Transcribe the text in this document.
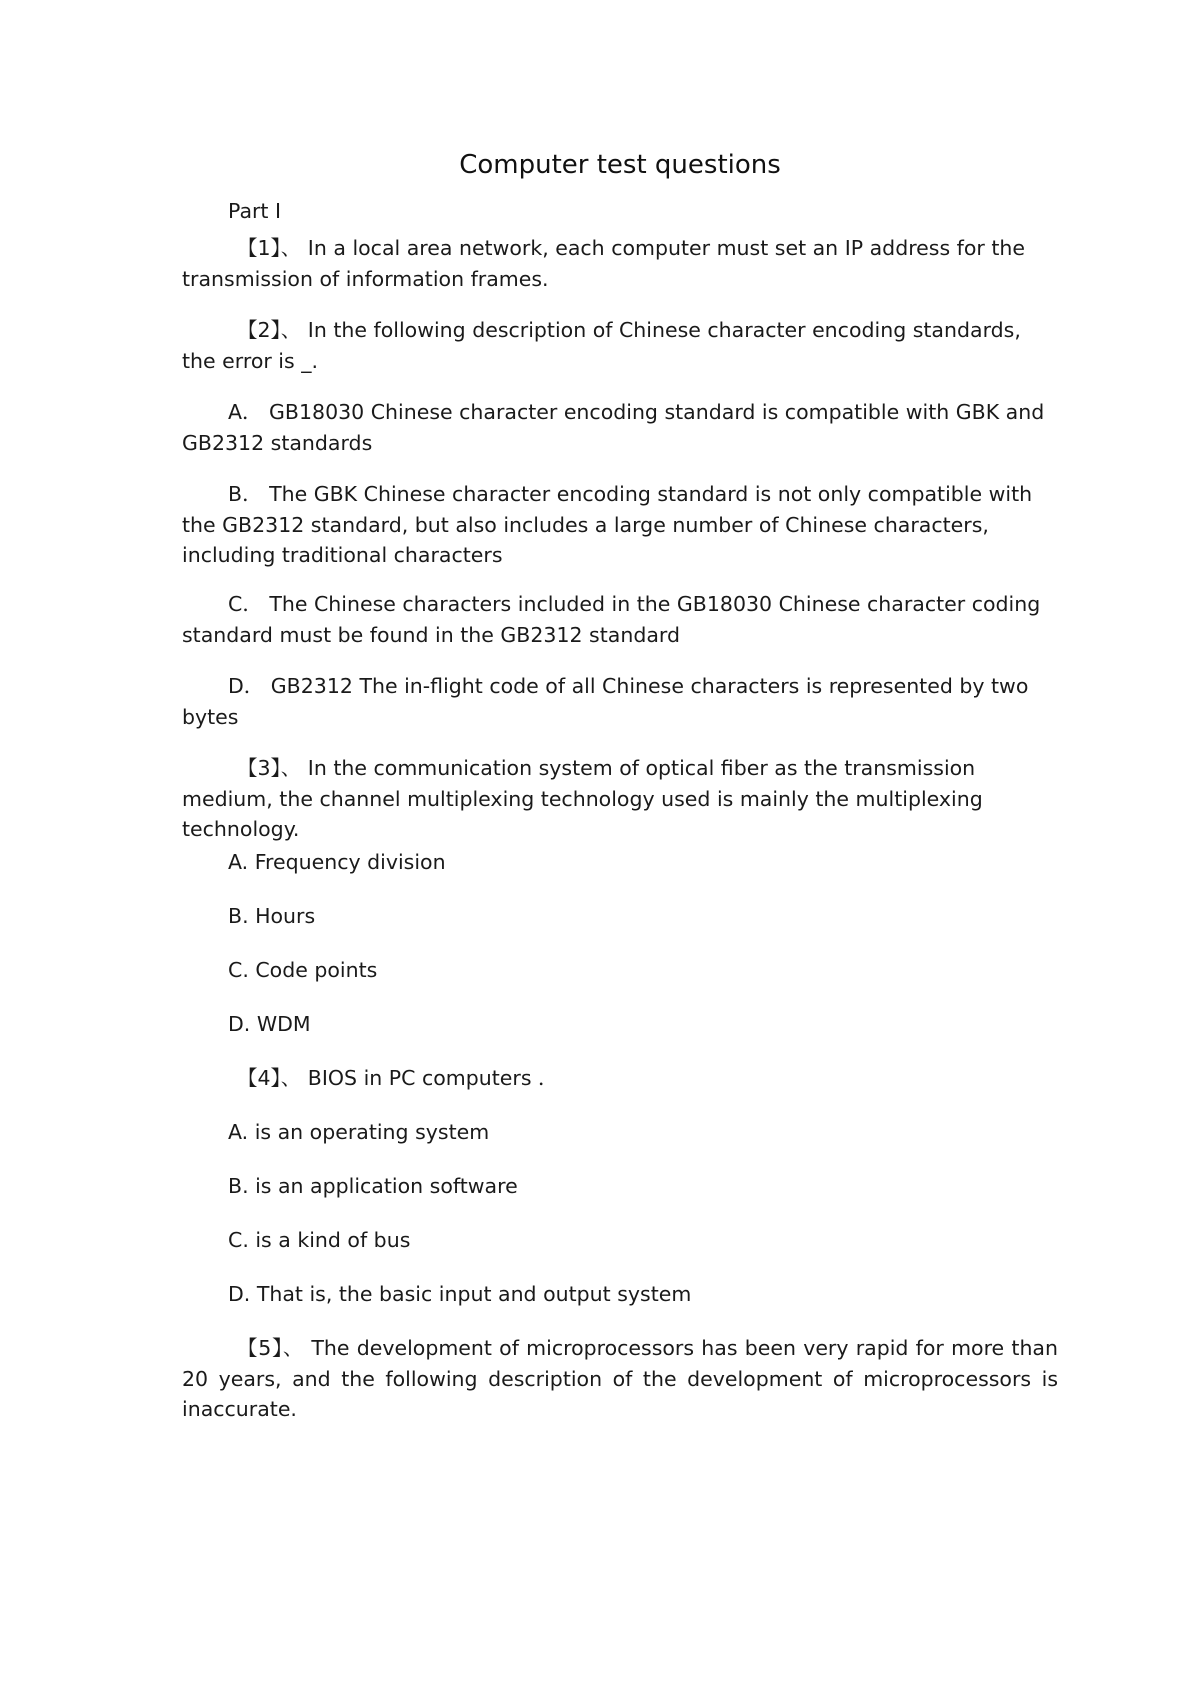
Computer test questions

Part I

【1】、 In a local area network, each computer must set an IP address for the transmission of information frames.

【2】、 In the following description of Chinese character encoding standards, the error is _.

A． GB18030 Chinese character encoding standard is compatible with GBK and GB2312 standards

B． The GBK Chinese character encoding standard is not only compatible with the GB2312 standard, but also includes a large number of Chinese characters, including traditional characters

C． The Chinese characters included in the GB18030 Chinese character coding standard must be found in the GB2312 standard

D． GB2312 The in-flight code of all Chinese characters is represented by two bytes

【3】、 In the communication system of optical fiber as the transmission medium, the channel multiplexing technology used is mainly the multiplexing technology.

A. Frequency division

B. Hours

C. Code points

D. WDM

【4】、 BIOS in PC computers ．

A. is an operating system

B. is an application software

C. is a kind of bus

D. That is, the basic input and output system

【5】、 The development of microprocessors has been very rapid for more than 20 years, and the following description of the development of microprocessors is inaccurate.
